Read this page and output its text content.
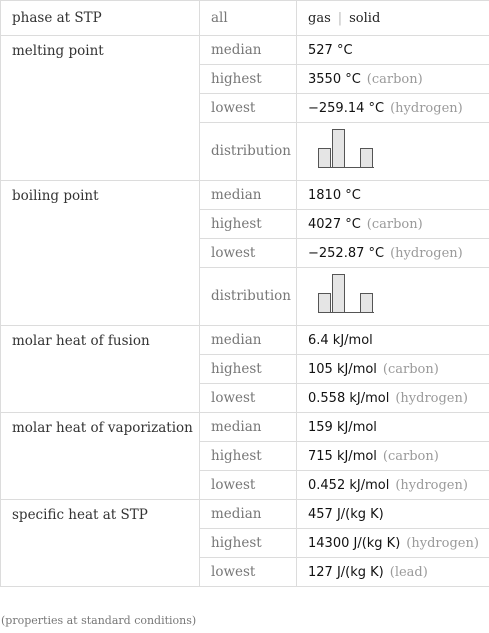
phase at STP	all	gas | solid
melting point	median	527 °C
	highest	3550 °C (carbon)
	lowest	−259.14 °C (hydrogen)
	distribution	
boiling point	median	1810 °C
	highest	4027 °C (carbon)
	lowest	−252.87 °C (hydrogen)
	distribution	
molar heat of fusion	median	6.4 kJ/mol
	highest	105 kJ/mol (carbon)
	lowest	0.558 kJ/mol (hydrogen)
molar heat of vaporization	median	159 kJ/mol
	highest	715 kJ/mol (carbon)
	lowest	0.452 kJ/mol (hydrogen)
specific heat at STP	median	457 J/(kg K)
	highest	14300 J/(kg K) (hydrogen)
	lowest	127 J/(kg K) (lead)
(properties at standard conditions)
